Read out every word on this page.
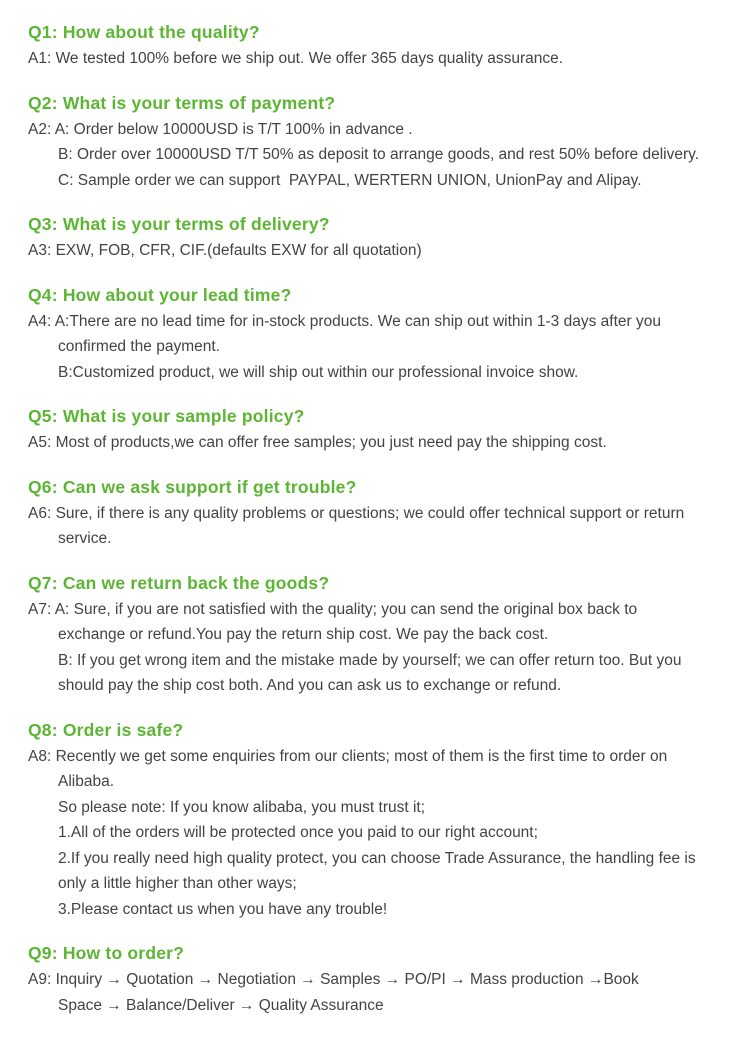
Q1: How about the quality?
A1: We tested 100% before we ship out. We offer 365 days quality assurance.
Q2: What is your terms of payment?
A2: A: Order below 10000USD is T/T 100% in advance .
B: Order over 10000USD T/T 50% as deposit to arrange goods, and rest 50% before delivery.
C: Sample order we can support  PAYPAL, WERTERN UNION, UnionPay and Alipay.
Q3: What is your terms of delivery?
A3: EXW, FOB, CFR, CIF.(defaults EXW for all quotation)
Q4: How about your lead time?
A4: A:There are no lead time for in-stock products. We can ship out within 1-3 days after you
confirmed the payment.
B:Customized product, we will ship out within our professional invoice show.
Q5: What is your sample policy?
A5: Most of products,we can offer free samples; you just need pay the shipping cost.
Q6: Can we ask support if get trouble?
A6: Sure, if there is any quality problems or questions; we could offer technical support or return
service.
Q7: Can we return back the goods?
A7: A: Sure, if you are not satisfied with the quality; you can send the original box back to
exchange or refund.You pay the return ship cost. We pay the back cost.
B: If you get wrong item and the mistake made by yourself; we can offer return too. But you
should pay the ship cost both. And you can ask us to exchange or refund.
Q8: Order is safe?
A8: Recently we get some enquiries from our clients; most of them is the first time to order on
Alibaba.
So please note: If you know alibaba, you must trust it;
1.All of the orders will be protected once you paid to our right account;
2.If you really need high quality protect, you can choose Trade Assurance, the handling fee is
only a little higher than other ways;
3.Please contact us when you have any trouble!
Q9: How to order?
A9: Inquiry → Quotation → Negotiation → Samples → PO/PI → Mass production →Book
Space → Balance/Deliver → Quality Assurance
